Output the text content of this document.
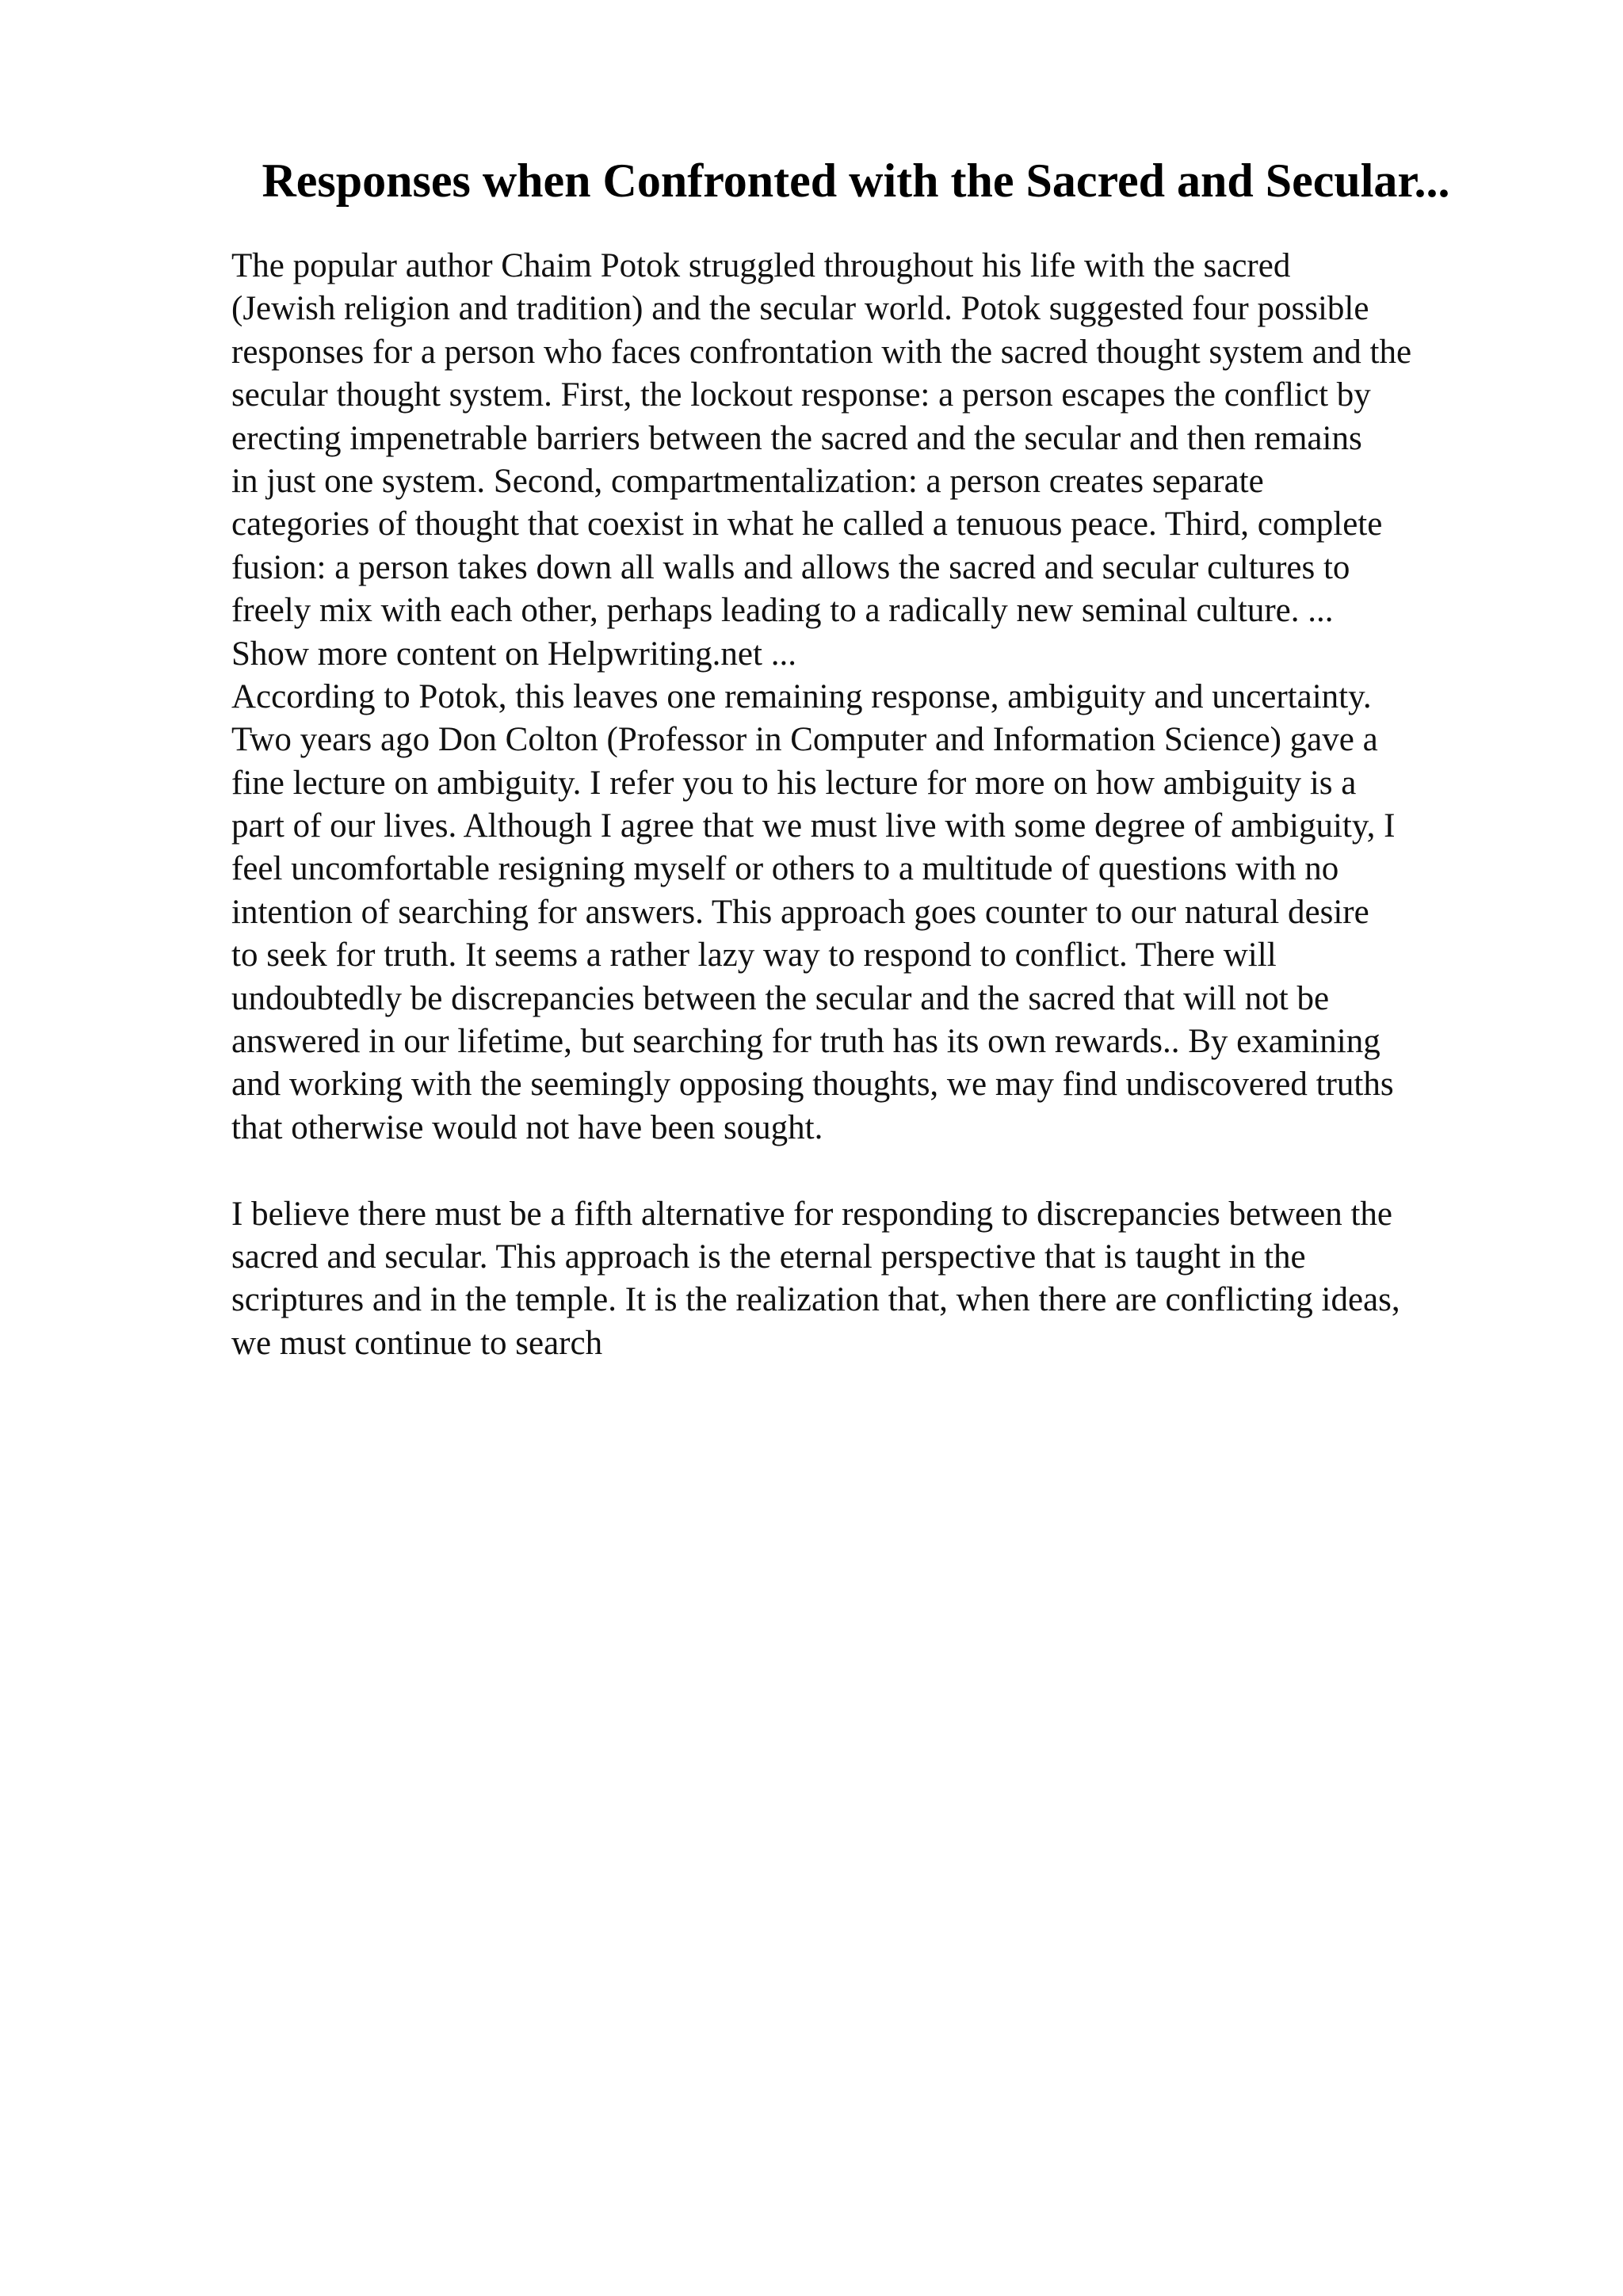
Responses when Confronted with the Sacred and Secular...
The popular author Chaim Potok struggled throughout his life with the sacred
(Jewish religion and tradition) and the secular world. Potok suggested four possible
responses for a person who faces confrontation with the sacred thought system and the
secular thought system. First, the lockout response: a person escapes the conflict by
erecting impenetrable barriers between the sacred and the secular and then remains
in just one system. Second, compartmentalization: a person creates separate
categories of thought that coexist in what he called a tenuous peace. Third, complete
fusion: a person takes down all walls and allows the sacred and secular cultures to
freely mix with each other, perhaps leading to a radically new seminal culture. ...
Show more content on Helpwriting.net ...
According to Potok, this leaves one remaining response, ambiguity and uncertainty.
Two years ago Don Colton (Professor in Computer and Information Science) gave a
fine lecture on ambiguity. I refer you to his lecture for more on how ambiguity is a
part of our lives. Although I agree that we must live with some degree of ambiguity, I
feel uncomfortable resigning myself or others to a multitude of questions with no
intention of searching for answers. This approach goes counter to our natural desire
to seek for truth. It seems a rather lazy way to respond to conflict. There will
undoubtedly be discrepancies between the secular and the sacred that will not be
answered in our lifetime, but searching for truth has its own rewards.. By examining
and working with the seemingly opposing thoughts, we may find undiscovered truths
that otherwise would not have been sought.
I believe there must be a fifth alternative for responding to discrepancies between the
sacred and secular. This approach is the eternal perspective that is taught in the
scriptures and in the temple. It is the realization that, when there are conflicting ideas,
we must continue to search
